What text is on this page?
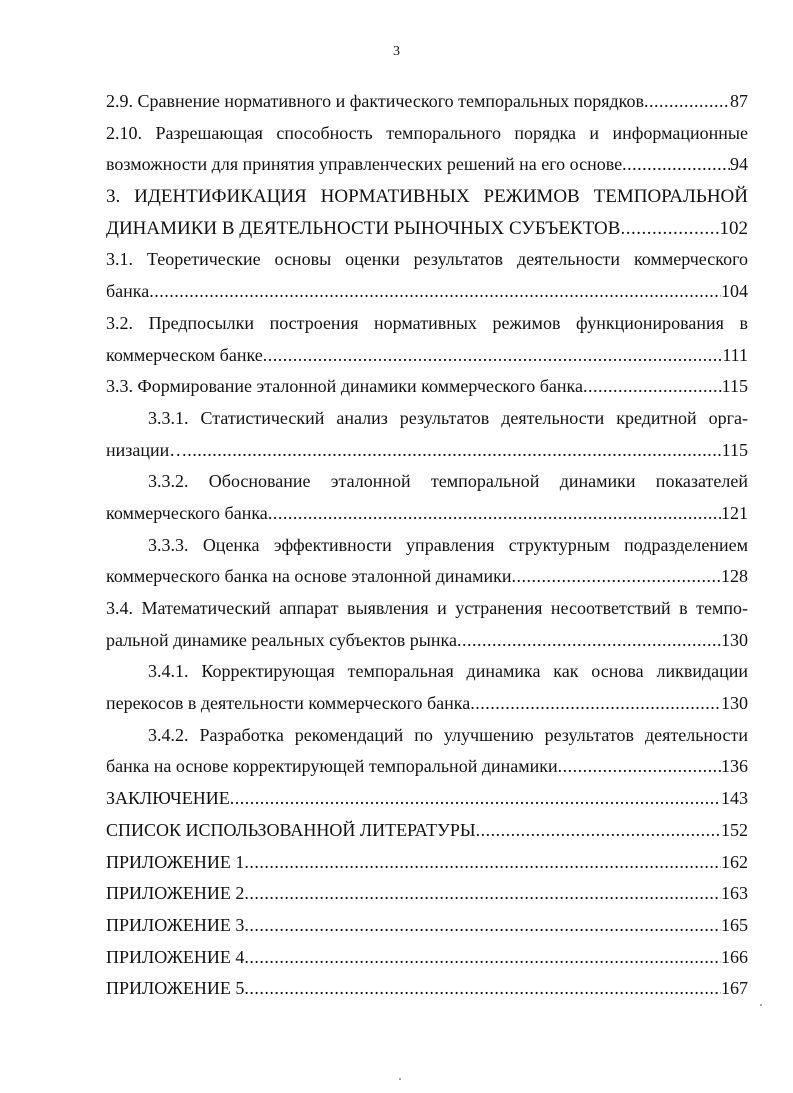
3
2.9. Сравнение нормативного и фактического темпоральных порядков .....	87
2.10. Разрешающая способность темпорального порядка и информационные
возможности для принятия управленческих решений на его основе .....	94
3. ИДЕНТИФИКАЦИЯ НОРМАТИВНЫХ РЕЖИМОВ ТЕМПОРАЛЬНОЙ
ДИНАМИКИ В ДЕЯТЕЛЬНОСТИ РЫНОЧНЫХ СУБЪЕКТОВ .....	102
3.1. Теоретические основы оценки результатов деятельности коммерческого
банка .....	104
3.2. Предпосылки построения нормативных режимов функционирования в
коммерческом банке .....	111
3.3. Формирование эталонной динамики коммерческого банка .....	115
3.3.1. Статистический анализ результатов деятельности кредитной орга-
низации… .....	115
3.3.2. Обоснование эталонной темпоральной динамики показателей
коммерческого банка .....	121
3.3.3. Оценка эффективности управления структурным подразделением
коммерческого банка на основе эталонной динамики .....	128
3.4. Математический аппарат выявления и устранения несоответствий в темпо-
ральной динамике реальных субъектов рынка .....	130
3.4.1. Корректирующая темпоральная динамика как основа ликвидации
перекосов в деятельности коммерческого банка .....	130
3.4.2. Разработка рекомендаций по улучшению результатов деятельности
банка на основе корректирующей темпоральной динамики .....	136
ЗАКЛЮЧЕНИЕ .....	143
СПИСОК ИСПОЛЬЗОВАННОЙ ЛИТЕРАТУРЫ .....	152
ПРИЛОЖЕНИЕ 1 .....	162
ПРИЛОЖЕНИЕ 2 .....	163
ПРИЛОЖЕНИЕ 3 .....	165
ПРИЛОЖЕНИЕ 4 .....	166
ПРИЛОЖЕНИЕ 5 .....	167
